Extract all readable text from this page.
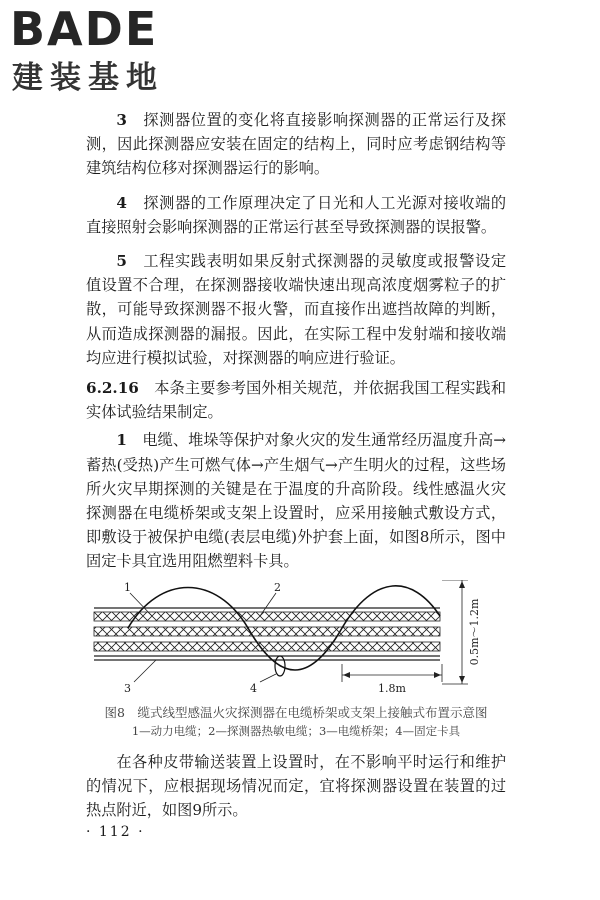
BADE

建装基地

3　 探测器位置的变化将直接影响探测器的正常运行及探测，因此探测器应安装在固定的结构上，同时应考虑钢结构等建筑结构位移对探测器运行的影响。

4　 探测器的工作原理决定了日光和人工光源对接收端的直接照射会影响探测器的正常运行甚至导致探测器的误报警。

5　 工程实践表明如果反射式探测器的灵敏度或报警设定值设置不合理，在探测器接收端快速出现高浓度烟雾粒子的扩散，可能导致探测器不报火警，而直接作出遮挡故障的判断，从而造成探测器的漏报。因此，在实际工程中发射端和接收端均应进行模拟试验，对探测器的响应进行验证。

6.2.16　 本条主要参考国外相关规范，并依据我国工程实践和实体试验结果制定。

1　 电缆、堆垛等保护对象火灾的发生通常经历温度升高→蓄热(受热)产生可燃气体→产生烟气→产生明火的过程，这些场所火灾早期探测的关键是在于温度的升高阶段。线性感温火灾探测器在电缆桥架或支架上设置时，应采用接触式敷设方式，即敷设于被保护电缆(表层电缆)外护套上面，如图8所示，图中固定卡具宜选用阻燃塑料卡具。

1	2
3	4
0.5m～1.2m
1.8m

图8　缆式线型感温火灾探测器在电缆桥架或支架上接触式布置示意图

1—动力电缆；2—探测器热敏电缆；3—电缆桥架；4—固定卡具

在各种皮带输送装置上设置时，在不影响平时运行和维护的情况下，应根据现场情况而定，宜将探测器设置在装置的过热点附近，如图9所示。

· 112 ·
